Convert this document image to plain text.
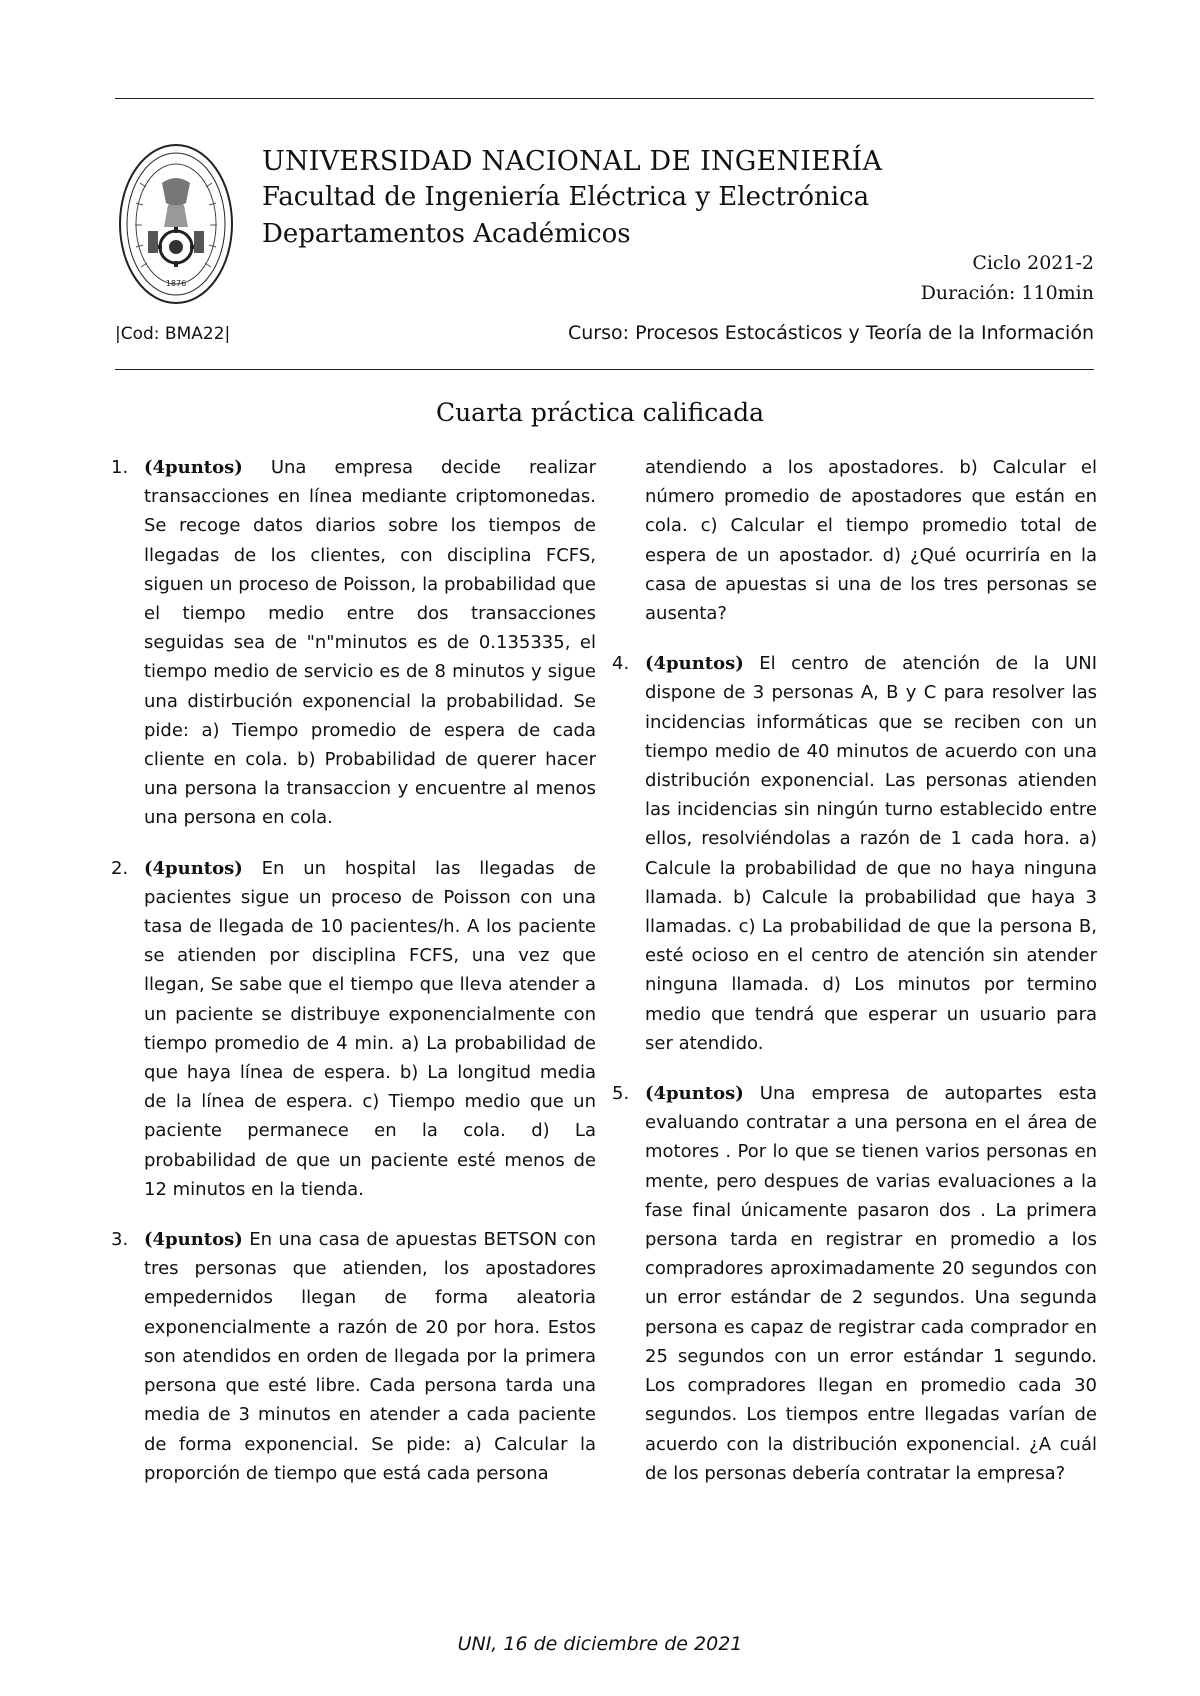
1876
UNIVERSIDAD NACIONAL DE INGENIERÍA
Facultad de Ingeniería Eléctrica y Electrónica
Departamentos Académicos
Ciclo 2021-2
Duración: 110min
|Cod: BMA22|	Curso: Procesos Estocásticos y Teoría de la Información
Cuarta práctica calificada
1. (4puntos) Una empresa decide realizar transacciones en línea mediante criptomonedas. Se recoge datos diarios sobre los tiempos de llegadas de los clientes, con disciplina FCFS, siguen un proceso de Poisson, la probabilidad que el tiempo medio entre dos transacciones seguidas sea de "n"minutos es de 0.135335, el tiempo medio de servicio es de 8 minutos y sigue una distirbución exponencial la probabilidad. Se pide: a) Tiempo promedio de espera de cada cliente en cola. b) Probabilidad de querer hacer una persona la transaccion y encuentre al menos una persona en cola.
2. (4puntos) En un hospital las llegadas de pacientes sigue un proceso de Poisson con una tasa de llegada de 10 pacientes/h. A los paciente se atienden por disciplina FCFS, una vez que llegan, Se sabe que el tiempo que lleva atender a un paciente se distribuye exponencialmente con tiempo promedio de 4 min. a) La probabilidad de que haya línea de espera. b) La longitud media de la línea de espera. c) Tiempo medio que un paciente permanece en la cola. d) La probabilidad de que un paciente esté menos de 12 minutos en la tienda.
3. (4puntos) En una casa de apuestas BETSON con tres personas que atienden, los apostadores empedernidos llegan de forma aleatoria exponencialmente a razón de 20 por hora. Estos son atendidos en orden de llegada por la primera persona que esté libre. Cada persona tarda una media de 3 minutos en atender a cada paciente de forma exponencial. Se pide: a) Calcular la proporción de tiempo que está cada persona
atendiendo a los apostadores. b) Calcular el número promedio de apostadores que están en cola. c) Calcular el tiempo promedio total de espera de un apostador. d) ¿Qué ocurriría en la casa de apuestas si una de los tres personas se ausenta?
4. (4puntos) El centro de atención de la UNI dispone de 3 personas A, B y C para resolver las incidencias informáticas que se reciben con un tiempo medio de 40 minutos de acuerdo con una distribución exponencial. Las personas atienden las incidencias sin ningún turno establecido entre ellos, resolviéndolas a razón de 1 cada hora. a) Calcule la probabilidad de que no haya ninguna llamada. b) Calcule la probabilidad que haya 3 llamadas. c) La probabilidad de que la persona B, esté ocioso en el centro de atención sin atender ninguna llamada. d) Los minutos por termino medio que tendrá que esperar un usuario para ser atendido.
5. (4puntos) Una empresa de autopartes esta evaluando contratar a una persona en el área de motores . Por lo que se tienen varios personas en mente, pero despues de varias evaluaciones a la fase final únicamente pasaron dos . La primera persona tarda en registrar en promedio a los compradores aproximadamente 20 segundos con un error estándar de 2 segundos. Una segunda persona es capaz de registrar cada comprador en 25 segundos con un error estándar 1 segundo. Los compradores llegan en promedio cada 30 segundos. Los tiempos entre llegadas varían de acuerdo con la distribución exponencial. ¿A cuál de los personas debería contratar la empresa?
UNI, 16 de diciembre de 2021
